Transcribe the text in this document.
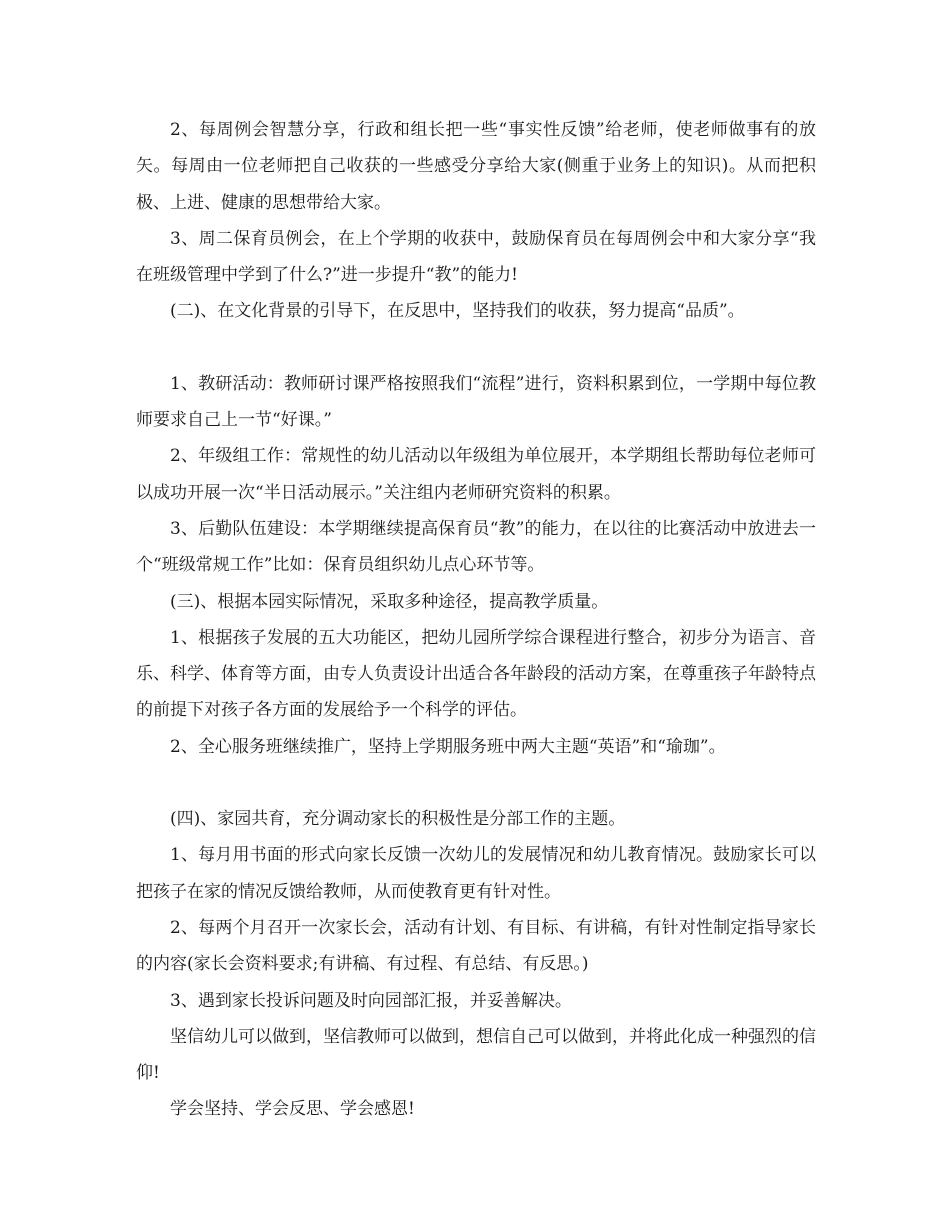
2、每周例会智慧分享，行政和组长把一些“事实性反馈”给老师，使老师做事有的放矢。每周由一位老师把自己收获的一些感受分享给大家(侧重于业务上的知识)。从而把积极、上进、健康的思想带给大家。

3、周二保育员例会，在上个学期的收获中，鼓励保育员在每周例会中和大家分享“我在班级管理中学到了什么?”进一步提升“教”的能力!

(二)、在文化背景的引导下，在反思中，坚持我们的收获，努力提高“品质”。

1、教研活动：教师研讨课严格按照我们“流程”进行，资料积累到位，一学期中每位教师要求自己上一节“好课。”

2、年级组工作：常规性的幼儿活动以年级组为单位展开，本学期组长帮助每位老师可以成功开展一次“半日活动展示。”关注组内老师研究资料的积累。

3、后勤队伍建设：本学期继续提高保育员“教”的能力，在以往的比赛活动中放进去一个“班级常规工作”比如：保育员组织幼儿点心环节等。

(三)、根据本园实际情况，采取多种途径，提高教学质量。

1、根据孩子发展的五大功能区，把幼儿园所学综合课程进行整合，初步分为语言、音乐、科学、体育等方面，由专人负责设计出适合各年龄段的活动方案，在尊重孩子年龄特点的前提下对孩子各方面的发展给予一个科学的评估。

2、全心服务班继续推广，坚持上学期服务班中两大主题“英语”和“瑜珈”。

(四)、家园共育，充分调动家长的积极性是分部工作的主题。

1、每月用书面的形式向家长反馈一次幼儿的发展情况和幼儿教育情况。鼓励家长可以把孩子在家的情况反馈给教师，从而使教育更有针对性。

2、每两个月召开一次家长会，活动有计划、有目标、有讲稿，有针对性制定指导家长的内容(家长会资料要求;有讲稿、有过程、有总结、有反思。)

3、遇到家长投诉问题及时向园部汇报，并妥善解决。

坚信幼儿可以做到，坚信教师可以做到，想信自己可以做到，并将此化成一种强烈的信仰!

学会坚持、学会反思、学会感恩!
